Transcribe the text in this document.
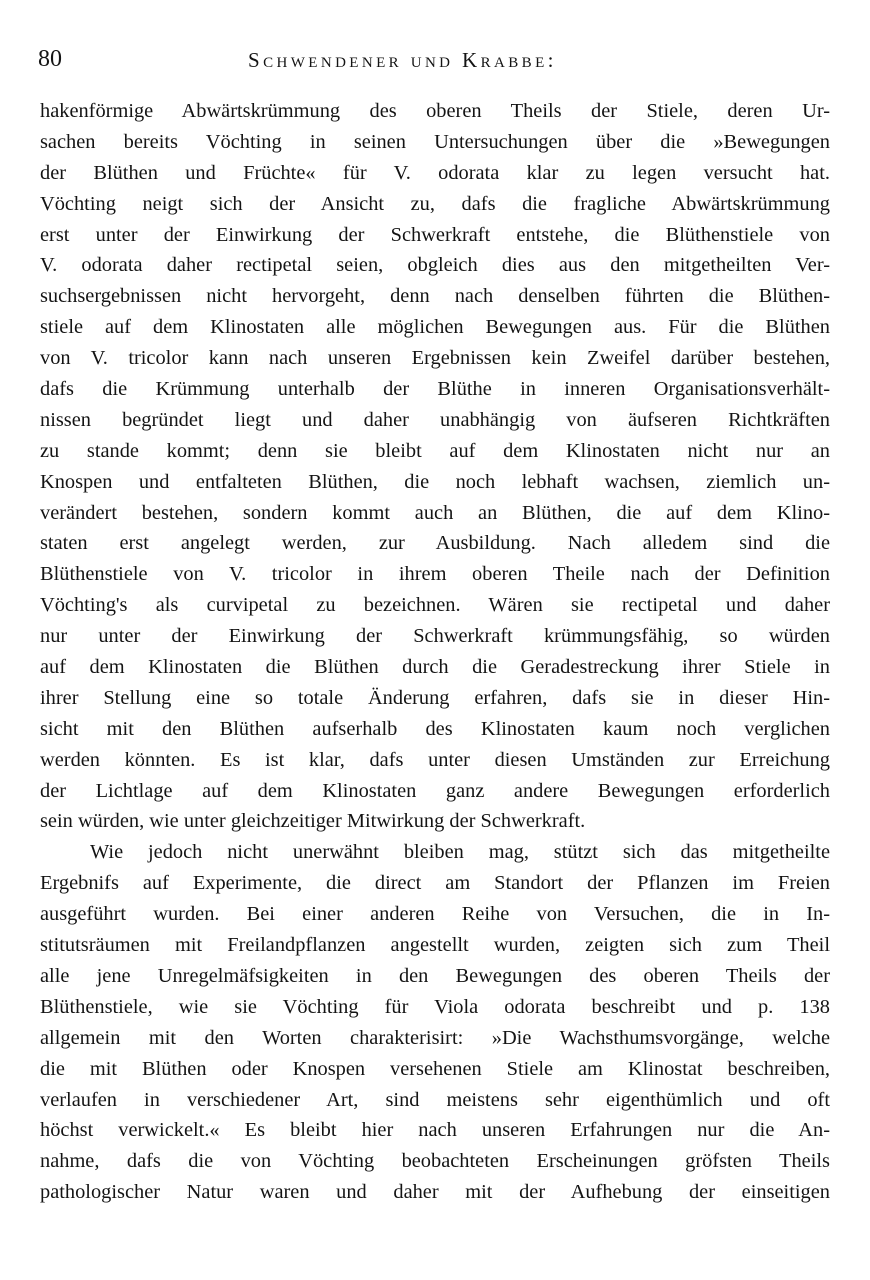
80	Schwendener und Krabbe:
hakenförmige Abwärtskrümmung des oberen Theils der Stiele, deren Ur-
sachen bereits Vöchting in seinen Untersuchungen über die »Bewegungen
der Blüthen und Früchte« für V. odorata klar zu legen versucht hat.
Vöchting neigt sich der Ansicht zu, dafs die fragliche Abwärtskrümmung
erst unter der Einwirkung der Schwerkraft entstehe, die Blüthenstiele von
V. odorata daher rectipetal seien, obgleich dies aus den mitgetheilten Ver-
suchsergebnissen nicht hervorgeht, denn nach denselben führten die Blüthen-
stiele auf dem Klinostaten alle möglichen Bewegungen aus. Für die Blüthen
von V. tricolor kann nach unseren Ergebnissen kein Zweifel darüber bestehen,
dafs die Krümmung unterhalb der Blüthe in inneren Organisationsverhält-
nissen begründet liegt und daher unabhängig von äufseren Richtkräften
zu stande kommt; denn sie bleibt auf dem Klinostaten nicht nur an
Knospen und entfalteten Blüthen, die noch lebhaft wachsen, ziemlich un-
verändert bestehen, sondern kommt auch an Blüthen, die auf dem Klino-
staten erst angelegt werden, zur Ausbildung. Nach alledem sind die
Blüthenstiele von V. tricolor in ihrem oberen Theile nach der Definition
Vöchting's als curvipetal zu bezeichnen. Wären sie rectipetal und daher
nur unter der Einwirkung der Schwerkraft krümmungsfähig, so würden
auf dem Klinostaten die Blüthen durch die Geradestreckung ihrer Stiele in
ihrer Stellung eine so totale Änderung erfahren, dafs sie in dieser Hin-
sicht mit den Blüthen aufserhalb des Klinostaten kaum noch verglichen
werden könnten. Es ist klar, dafs unter diesen Umständen zur Erreichung
der Lichtlage auf dem Klinostaten ganz andere Bewegungen erforderlich
sein würden, wie unter gleichzeitiger Mitwirkung der Schwerkraft.
Wie jedoch nicht unerwähnt bleiben mag, stützt sich das mitgetheilte
Ergebnifs auf Experimente, die direct am Standort der Pflanzen im Freien
ausgeführt wurden. Bei einer anderen Reihe von Versuchen, die in In-
stitutsräumen mit Freilandpflanzen angestellt wurden, zeigten sich zum Theil
alle jene Unregelmäfsigkeiten in den Bewegungen des oberen Theils der
Blüthenstiele, wie sie Vöchting für Viola odorata beschreibt und p. 138
allgemein mit den Worten charakterisirt: »Die Wachsthumsvorgänge, welche
die mit Blüthen oder Knospen versehenen Stiele am Klinostat beschreiben,
verlaufen in verschiedener Art, sind meistens sehr eigenthümlich und oft
höchst verwickelt.« Es bleibt hier nach unseren Erfahrungen nur die An-
nahme, dafs die von Vöchting beobachteten Erscheinungen gröfsten Theils
pathologischer Natur waren und daher mit der Aufhebung der einseitigen
